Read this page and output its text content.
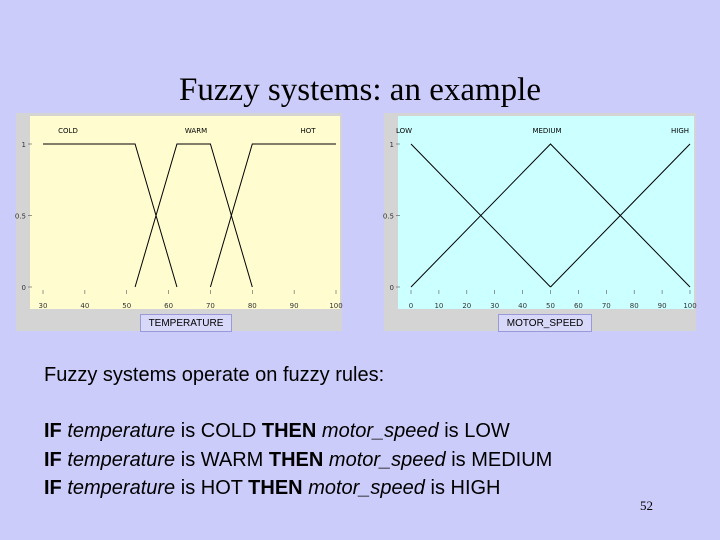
Fuzzy systems: an example
30	40	50	60	70	80	90	100
0
0.5
1
COLD	WARM	HOT
TEMPERATURE
0	10	20	30	40	50	60	70	80	90 100
0
0.5
1
LOW	MEDIUM	HIGH
MOTOR_SPEED
Fuzzy systems operate on fuzzy rules:
IF temperature is COLD THEN motor_speed is LOW
IF temperature is WARM THEN motor_speed is MEDIUM
IF temperature is HOT THEN motor_speed is HIGH
52
